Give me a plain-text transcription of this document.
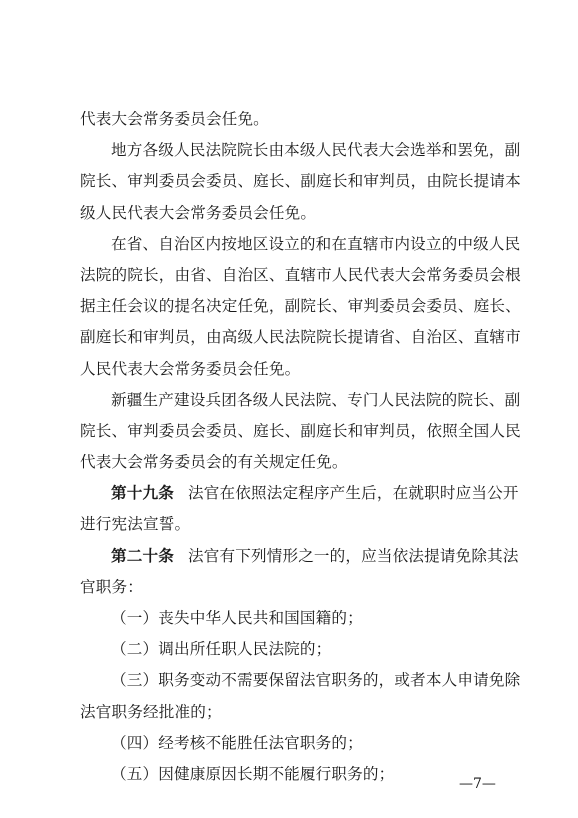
代表大会常务委员会任免。
地方各级人民法院院长由本级人民代表大会选举和罢免，副
院长、审判委员会委员、庭长、副庭长和审判员，由院长提请本
级人民代表大会常务委员会任免。
在省、自治区内按地区设立的和在直辖市内设立的中级人民
法院的院长，由省、自治区、直辖市人民代表大会常务委员会根
据主任会议的提名决定任免，副院长、审判委员会委员、庭长、
副庭长和审判员，由高级人民法院院长提请省、自治区、直辖市
人民代表大会常务委员会任免。
新疆生产建设兵团各级人民法院、专门人民法院的院长、副
院长、审判委员会委员、庭长、副庭长和审判员，依照全国人民
代表大会常务委员会的有关规定任免。
第十九条 法官在依照法定程序产生后，在就职时应当公开
进行宪法宣誓。
第二十条 法官有下列情形之一的，应当依法提请免除其法
官职务：
（一）丧失中华人民共和国国籍的；
（二）调出所任职人民法院的；
（三）职务变动不需要保留法官职务的，或者本人申请免除
法官职务经批准的；
（四）经考核不能胜任法官职务的；
（五）因健康原因长期不能履行职务的；
—7—
